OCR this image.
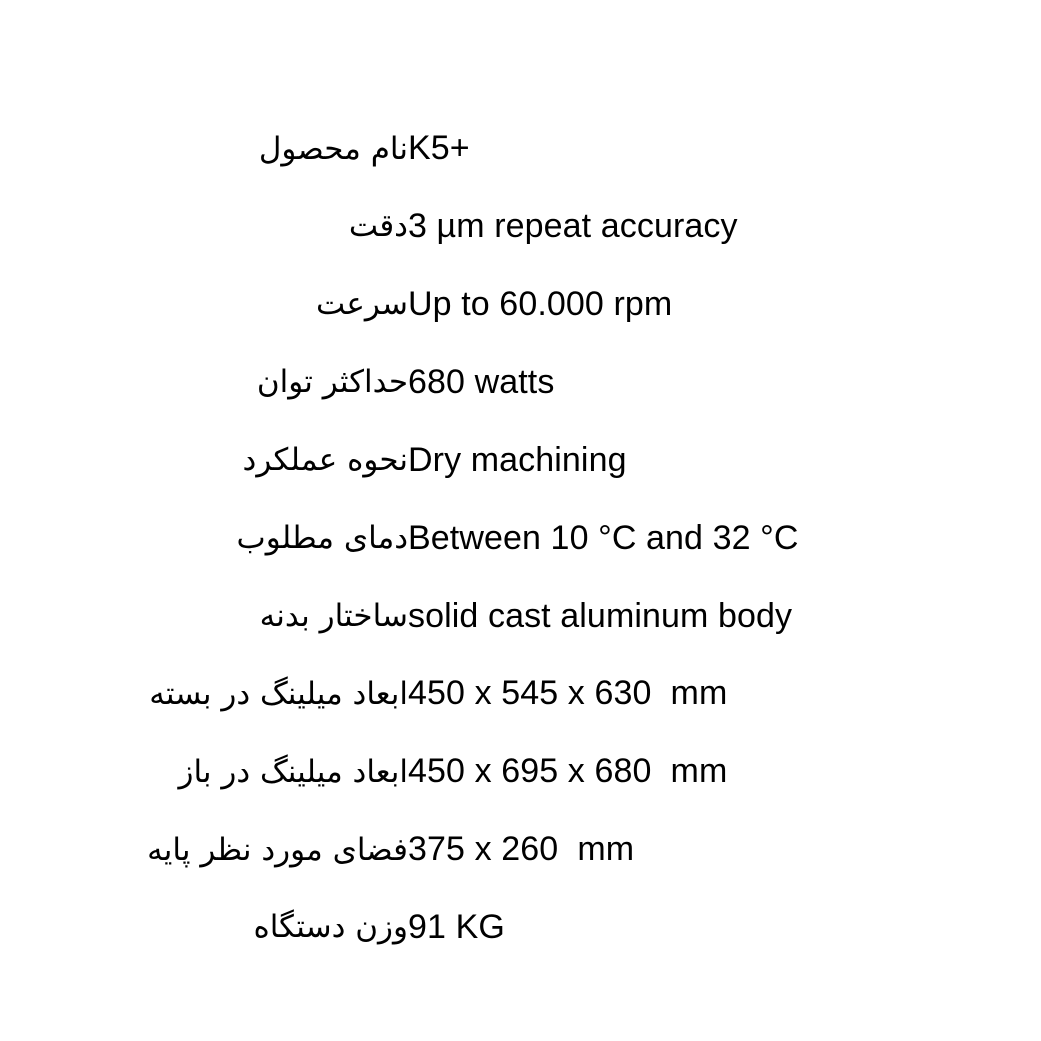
K5+	نام محصول
3 µm repeat accuracy	دقت
Up to 60.000 rpm	سرعت
680 watts	حداکثر توان
Dry machining	نحوه عملکرد
Between 10 °C and 32 °C	دمای مطلوب
solid cast aluminum body	ساختار بدنه
450 x 545 x 630  mm	ابعاد میلینگ در بسته
450 x 695 x 680  mm	ابعاد میلینگ در باز
375 x 260  mm	فضای مورد نظر پایه
91 KG	وزن دستگاه
